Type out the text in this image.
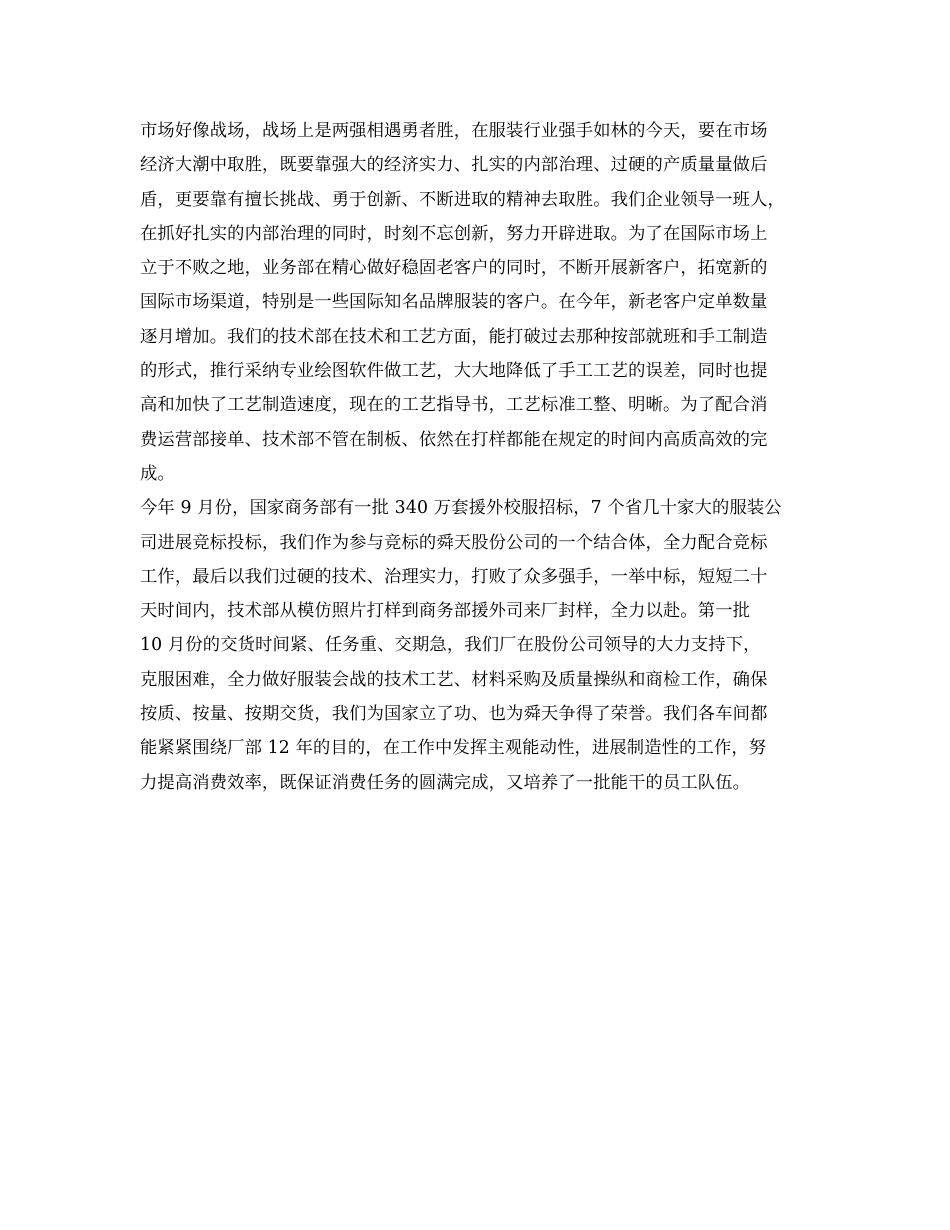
市场好像战场，战场上是两强相遇勇者胜，在服装行业强手如林的今天，要在市场
经济大潮中取胜，既要靠强大的经济实力、扎实的内部治理、过硬的产质量量做后
盾，更要靠有擅长挑战、勇于创新、不断进取的精神去取胜。我们企业领导一班人，
在抓好扎实的内部治理的同时，时刻不忘创新，努力开辟进取。为了在国际市场上
立于不败之地，业务部在精心做好稳固老客户的同时，不断开展新客户，拓宽新的
国际市场渠道，特别是一些国际知名品牌服装的客户。在今年，新老客户定单数量
逐月增加。我们的技术部在技术和工艺方面，能打破过去那种按部就班和手工制造
的形式，推行采纳专业绘图软件做工艺，大大地降低了手工工艺的误差，同时也提
高和加快了工艺制造速度，现在的工艺指导书，工艺标准工整、明晰。为了配合消
费运营部接单、技术部不管在制板、依然在打样都能在规定的时间内高质高效的完
成。
今年 9 月份，国家商务部有一批 340 万套援外校服招标，7 个省几十家大的服装公
司进展竞标投标，我们作为参与竞标的舜天股份公司的一个结合体，全力配合竞标
工作，最后以我们过硬的技术、治理实力，打败了众多强手，一举中标，短短二十
天时间内，技术部从模仿照片打样到商务部援外司来厂封样，全力以赴。第一批
10 月份的交货时间紧、任务重、交期急，我们厂在股份公司领导的大力支持下，
克服困难，全力做好服装会战的技术工艺、材料采购及质量操纵和商检工作，确保
按质、按量、按期交货，我们为国家立了功、也为舜天争得了荣誉。我们各车间都
能紧紧围绕厂部 12 年的目的，在工作中发挥主观能动性，进展制造性的工作，努
力提高消费效率，既保证消费任务的圆满完成，又培养了一批能干的员工队伍。
